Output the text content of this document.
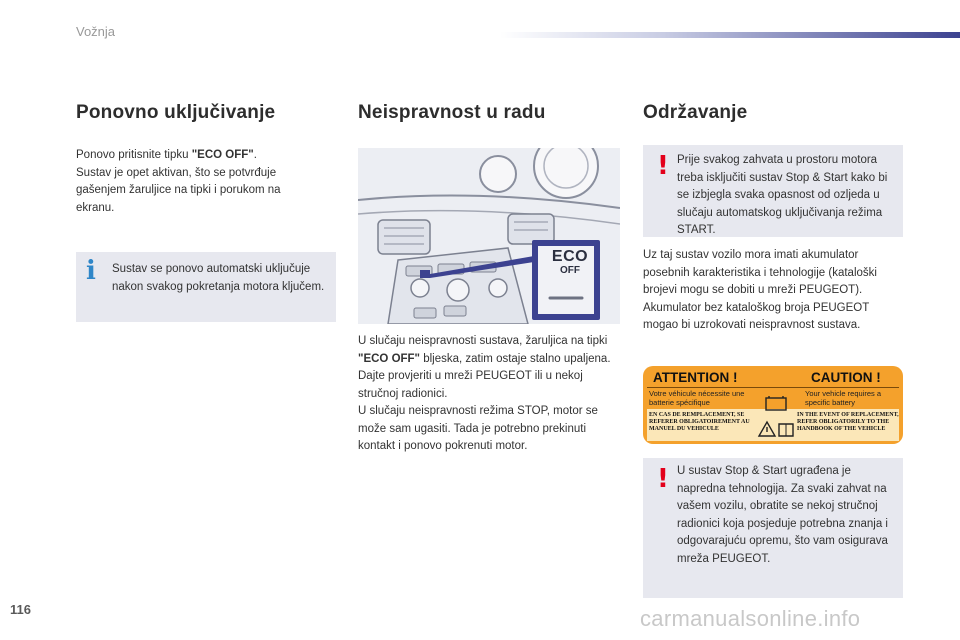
Vožnja
Ponovno uključivanje
Ponovo pritisnite tipku "ECO OFF".
Sustav je opet aktivan, što se potvrđuje gašenjem žaruljice na tipki i porukom na ekranu.
i Sustav se ponovo automatski uključuje nakon svakog pokretanja motora ključem.
Neispravnost u radu
ECO
OFF
U slučaju neispravnosti sustava, žaruljica na tipki "ECO OFF" bljeska, zatim ostaje stalno upaljena.
Dajte provjeriti u mreži PEUGEOT ili u nekoj stručnoj radionici.
U slučaju neispravnosti režima STOP, motor se može sam ugasiti. Tada je potrebno prekinuti kontakt i ponovo pokrenuti motor.
Održavanje
! Prije svakog zahvata u prostoru motora treba isključiti sustav Stop & Start kako bi se izbjegla svaka opasnost od ozljeda u slučaju automatskog uključivanja režima START.
Uz taj sustav vozilo mora imati akumulator posebnih karakteristika i tehnologije (kataloški brojevi mogu se dobiti u mreži PEUGEOT). Akumulator bez kataloškog broja PEUGEOT mogao bi uzrokovati neispravnost sustava.
ATTENTION !	CAUTION !
Votre véhicule nécessite une batterie spécifique
Your vehicle requires a specific battery
EN CAS DE REMPLACEMENT, SE REFERER OBLIGATOIREMENT AU MANUEL DU VEHICULE
IN THE EVENT OF REPLACEMENT, REFER OBLIGATORILY TO THE HANDBOOK OF THE VEHICLE
! U sustav Stop & Start ugrađena je napredna tehnologija. Za svaki zahvat na vašem vozilu, obratite se nekoj stručnoj radionici koja posjeduje potrebna znanja i odgovarajuću opremu, što vam osigurava mreža PEUGEOT.
116	carmanualsonline.info
